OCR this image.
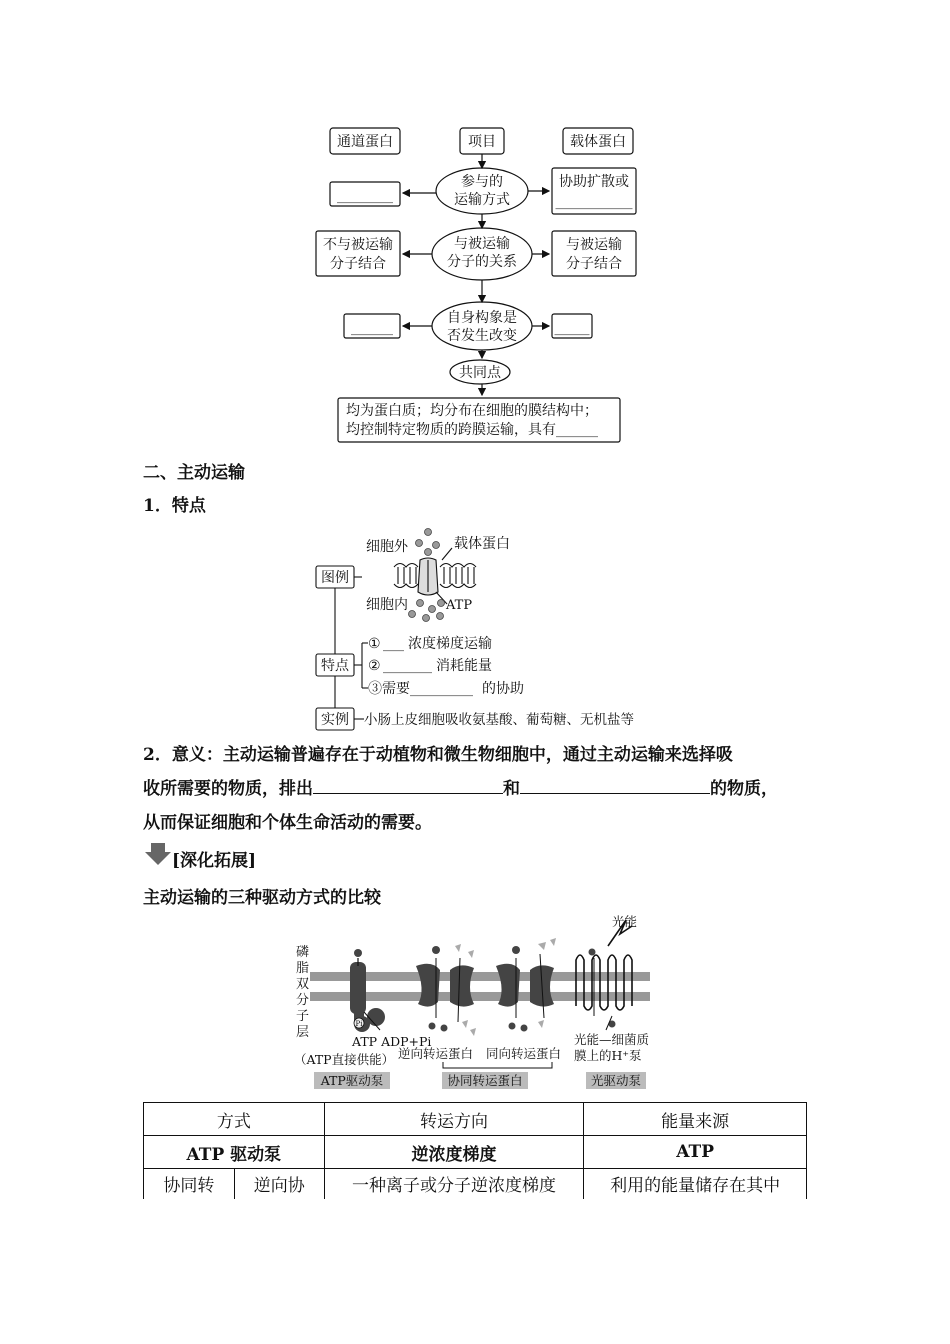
通道蛋白	项目	载体蛋白
________
参与的
运输方式
协助扩散或
___________
不与被运输
分子结合
与被运输
分子的关系
与被运输
分子结合
______
自身构象是
否发生改变	_____
共同点
均为蛋白质；均分布在细胞的膜结构中；
均控制特定物质的跨膜运输，具有______
二、主动运输
1．特点
细胞外	载体蛋白
细胞内	ATP
图例
特点
实例
① ___ 浓度梯度运输
② _______ 消耗能量
③需要 _________ 的协助
小肠上皮细胞吸收氨基酸、葡萄糖、无机盐等
2．意义：主动运输普遍存在于动植物和微生物细胞中，通过主动运输来选择吸
收所需要的物质，排出	和	的物质，
从而保证细胞和个体生命活动的需要。
[深化拓展]
主动运输的三种驱动方式的比较
Pi
磷
脂
双
分
子
层
光能
ATP ADP+Pi
（ATP直接供能） 逆向转运蛋白 同向转运蛋白
光能—细菌质
膜上的H⁺泵
ATP驱动泵	协同转运蛋白	光驱动泵
方式		转运方向	能量来源
ATP 驱动泵		逆浓度梯度	ATP
协同转	逆向协	一种离子或分子逆浓度梯度	利用的能量储存在其中
